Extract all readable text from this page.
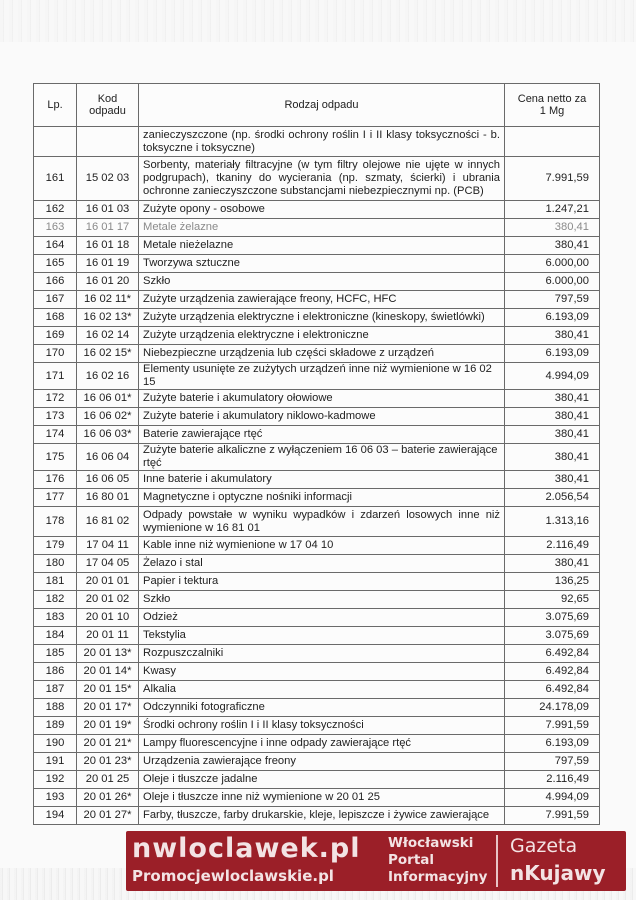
Lp.	Kod odpadu	Rodzaj odpadu	Cena netto za
1 Mg
		zanieczyszczone (np. środki ochrony roślin I i II klasy toksyczności - b. toksyczne i toksyczne)	
161	15 02 03	Sorbenty, materiały filtracyjne (w tym filtry olejowe nie ujęte w innych podgrupach), tkaniny do wycierania (np. szmaty, ścierki) i ubrania ochronne zanieczyszczone substancjami niebezpiecznymi np. (PCB)	7.991,59
162	16 01 03	Zużyte opony - osobowe	1.247,21
163	16 01 17	Metale żelazne	380,41
164	16 01 18	Metale nieżelazne	380,41
165	16 01 19	Tworzywa sztuczne	6.000,00
166	16 01 20	Szkło	6.000,00
167	16 02 11*	Zużyte urządzenia zawierające freony, HCFC, HFC	797,59
168	16 02 13*	Zużyte urządzenia elektryczne i elektroniczne (kineskopy, świetlówki)	6.193,09
169	16 02 14	Zużyte urządzenia elektryczne i elektroniczne	380,41
170	16 02 15*	Niebezpieczne urządzenia lub części składowe z urządzeń	6.193,09
171	16 02 16	Elementy usunięte ze zużytych urządzeń inne niż wymienione w 16 02 15	4.994,09
172	16 06 01*	Zużyte baterie i akumulatory ołowiowe	380,41
173	16 06 02*	Zużyte baterie i akumulatory niklowo-kadmowe	380,41
174	16 06 03*	Baterie zawierające rtęć	380,41
175	16 06 04	Zużyte baterie alkaliczne z wyłączeniem 16 06 03 – baterie zawierające rtęć	380,41
176	16 06 05	Inne baterie i akumulatory	380,41
177	16 80 01	Magnetyczne i optyczne nośniki informacji	2.056,54
178	16 81 02	Odpady powstałe w wyniku wypadków i zdarzeń losowych inne niż wymienione w 16 81 01	1.313,16
179	17 04 11	Kable inne niż wymienione w 17 04 10	2.116,49
180	17 04 05	Żelazo i stal	380,41
181	20 01 01	Papier i tektura	136,25
182	20 01 02	Szkło	92,65
183	20 01 10	Odzież	3.075,69
184	20 01 11	Tekstylia	3.075,69
185	20 01 13*	Rozpuszczalniki	6.492,84
186	20 01 14*	Kwasy	6.492,84
187	20 01 15*	Alkalia	6.492,84
188	20 01 17*	Odczynniki fotograficzne	24.178,09
189	20 01 19*	Środki ochrony roślin I i II klasy toksyczności	7.991,59
190	20 01 21*	Lampy fluorescencyjne i inne odpady zawierające rtęć	6.193,09
191	20 01 23*	Urządzenia zawierające freony	797,59
192	20 01 25	Oleje i tłuszcze jadalne	2.116,49
193	20 01 26*	Oleje i tłuszcze inne niż wymienione w 20 01 25	4.994,09
194	20 01 27*	Farby, tłuszcze, farby drukarskie, kleje, lepiszcze i żywice zawierające	7.991,59
nwloclawek.pl
Promocjewloclawskie.pl
Włocławski
Portal
Informacyjny
Gazeta
nKujawy
